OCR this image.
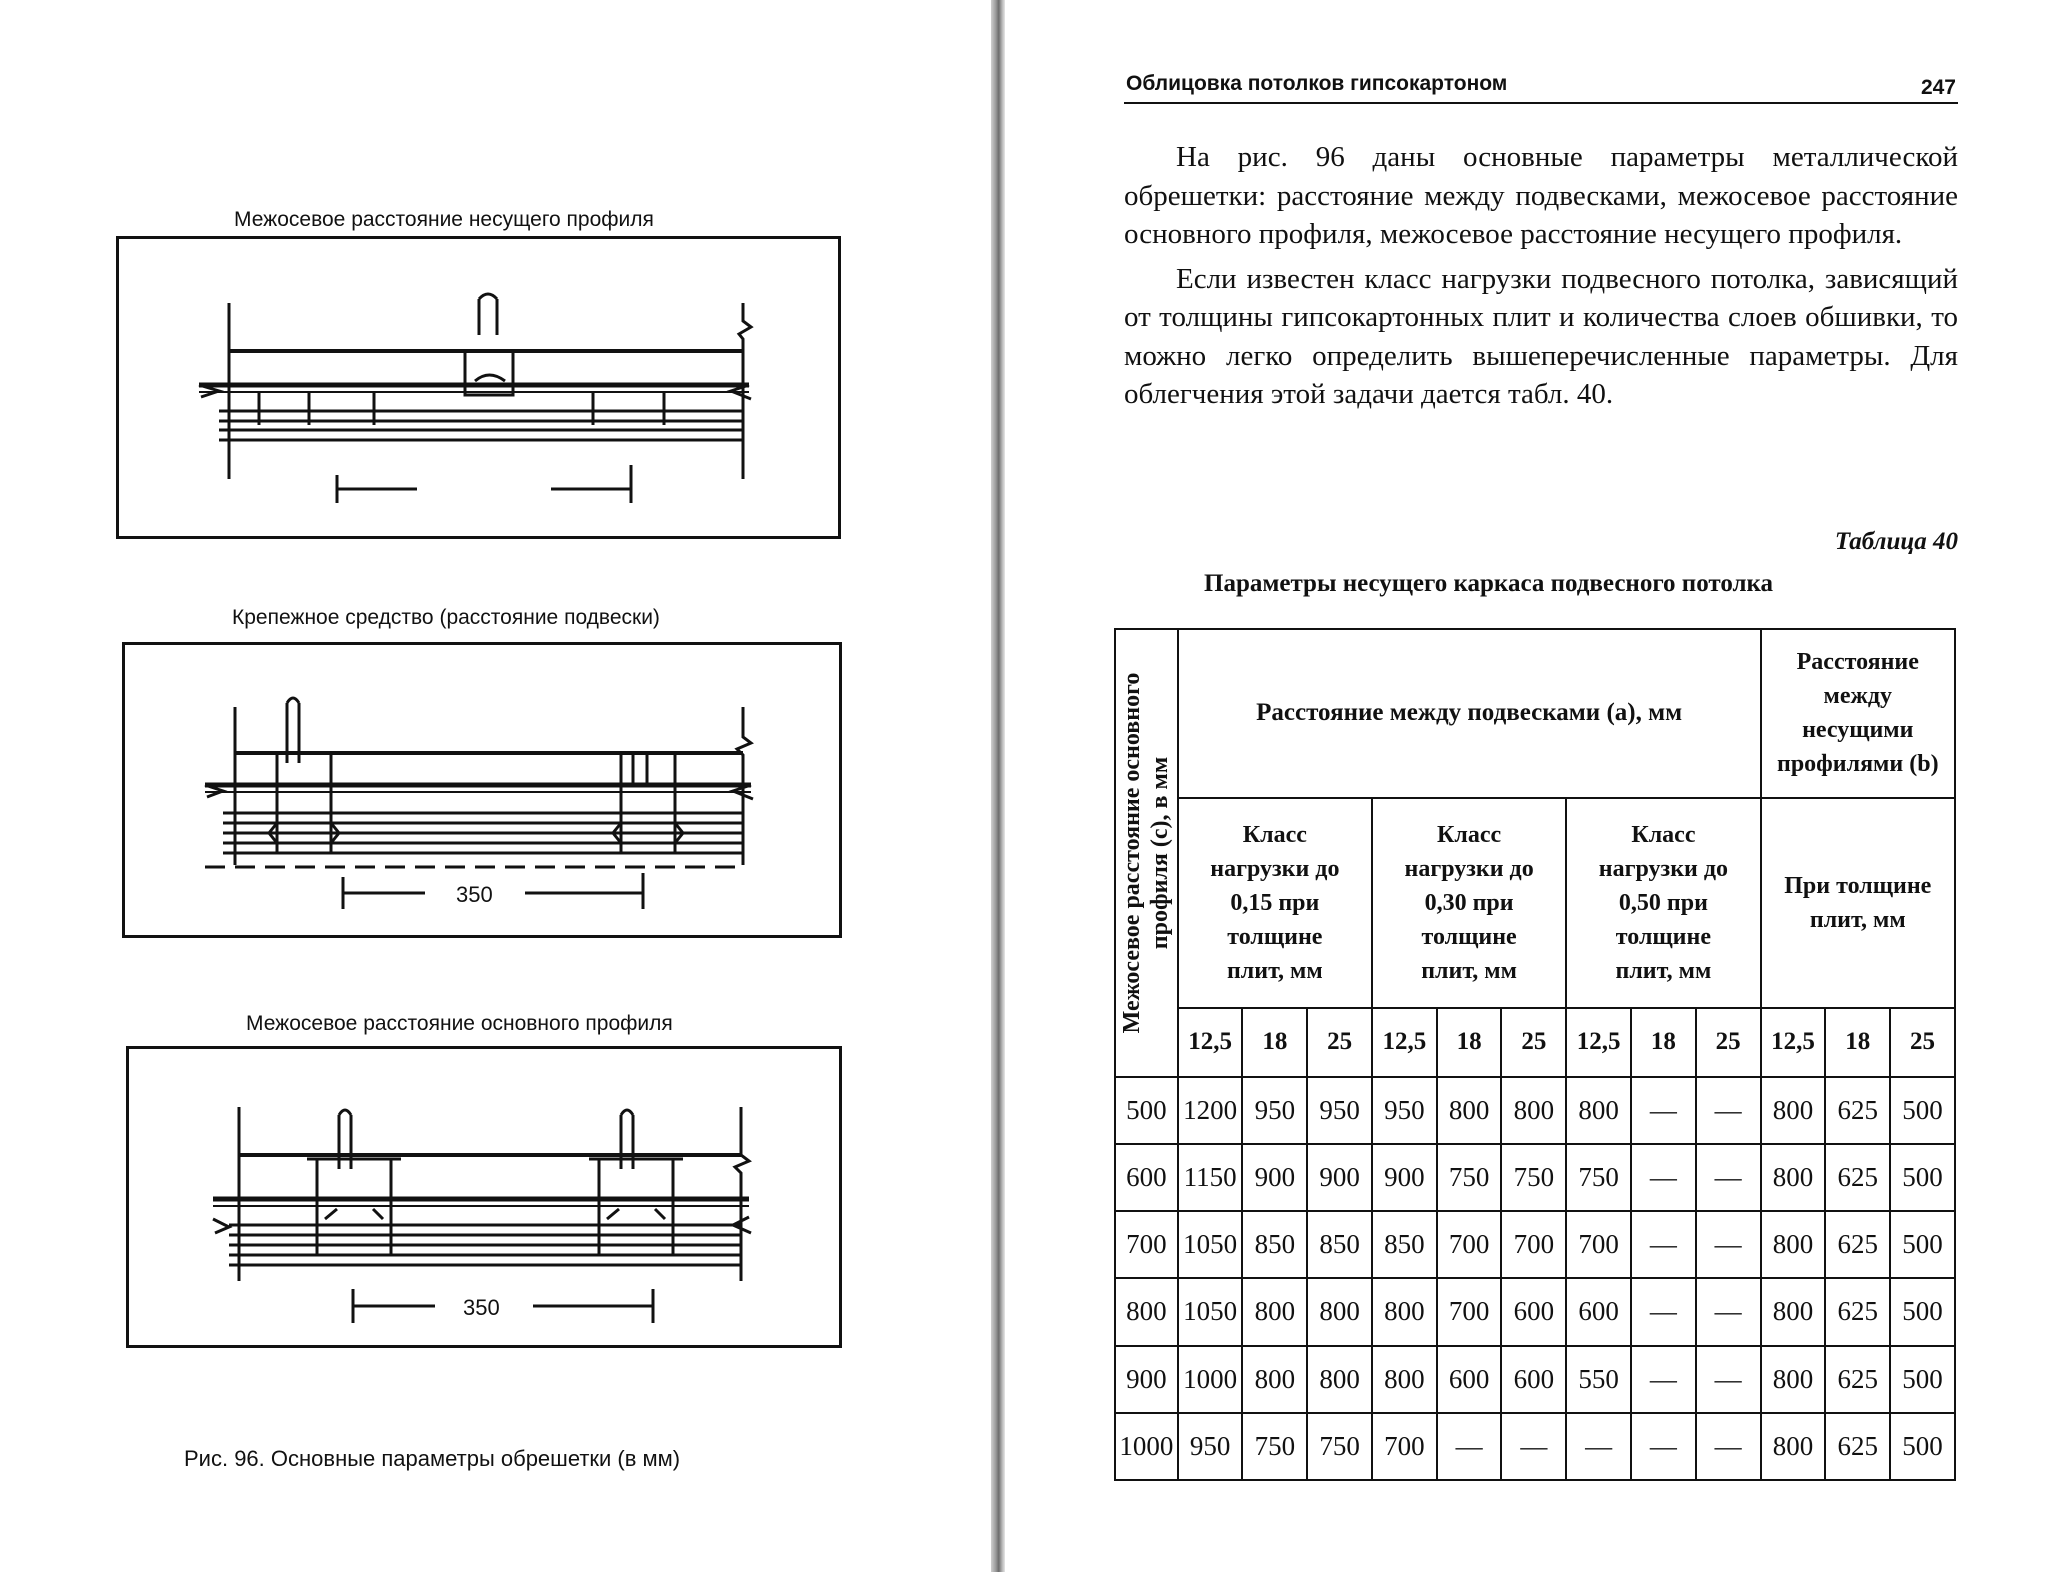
Межосевое расстояние несущего профиля
Крепежное средство (расстояние подвески)
350
Межосевое расстояние основного профиля
350
Рис. 96. Основные параметры обрешетки (в мм)
Облицовка потолков гипсокартоном	247

На рис. 96 даны основные параметры металлической обрешетки: расстояние между подвесками, межосевое расстояние основного профиля, межосевое расстояние несущего профиля.

Если известен класс нагрузки подвесного потолка, зависящий от толщины гипсокартонных плит и количества слоев обшивки, то можно легко определить вышеперечисленные параметры. Для облегчения этой задачи дается табл. 40.

Таблица 40
Параметры несущего каркаса подвесного потолка
Межосевое расстояние основного профиля (c), в мм	Расстояние между подвесками (a), мм									Расстояние между несущими профилями (b)		
	Класс нагрузки до 0,15 при толщине плит, мм			Класс нагрузки до 0,30 при толщине плит, мм			Класс нагрузки до 0,50 при толщине плит, мм			При толщине плит, мм		
	12,5	18	25	12,5	18	25	12,5	18	25	12,5	18	25
500	1200	950	950	950	800	800	800	—	—	800	625	500
600	1150	900	900	900	750	750	750	—	—	800	625	500
700	1050	850	850	850	700	700	700	—	—	800	625	500
800	1050	800	800	800	700	600	600	—	—	800	625	500
900	1000	800	800	800	600	600	550	—	—	800	625	500
1000	950	750	750	700	—	—	—	—	—	800	625	500
